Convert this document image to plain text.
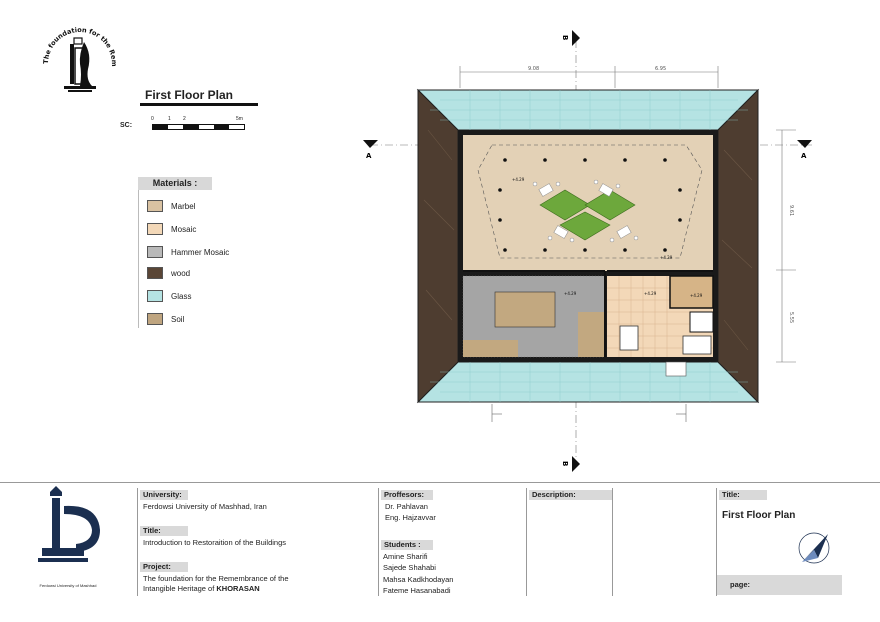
The foundation for the Rem
First Floor Plan
SC:
0	1 2	5m
Materials :
Marbel
Mosaic
Hammer Mosaic
wood
Glass
Soil
+4.29
+4.29
+4.29	+4.29	+4.29
9.08	6.95
9.61
5.55
B
B
A	A
Ferdowsi University of Mashhad
University:
Ferdowsi University of Mashhad, Iran
Title:
Introduction to Restoraition of the Buildings
Project:
The foundation for the Remembrance of the
Intangible Heritage of KHORASAN
Proffesors:
Dr. Pahlavan
Eng. Hajzavvar
Students :
Amine Sharifi
Sajede Shahabi
Mahsa Kadkhodayan
Fateme Hasanabadi
Description:	Title:
First Floor Plan
page:
